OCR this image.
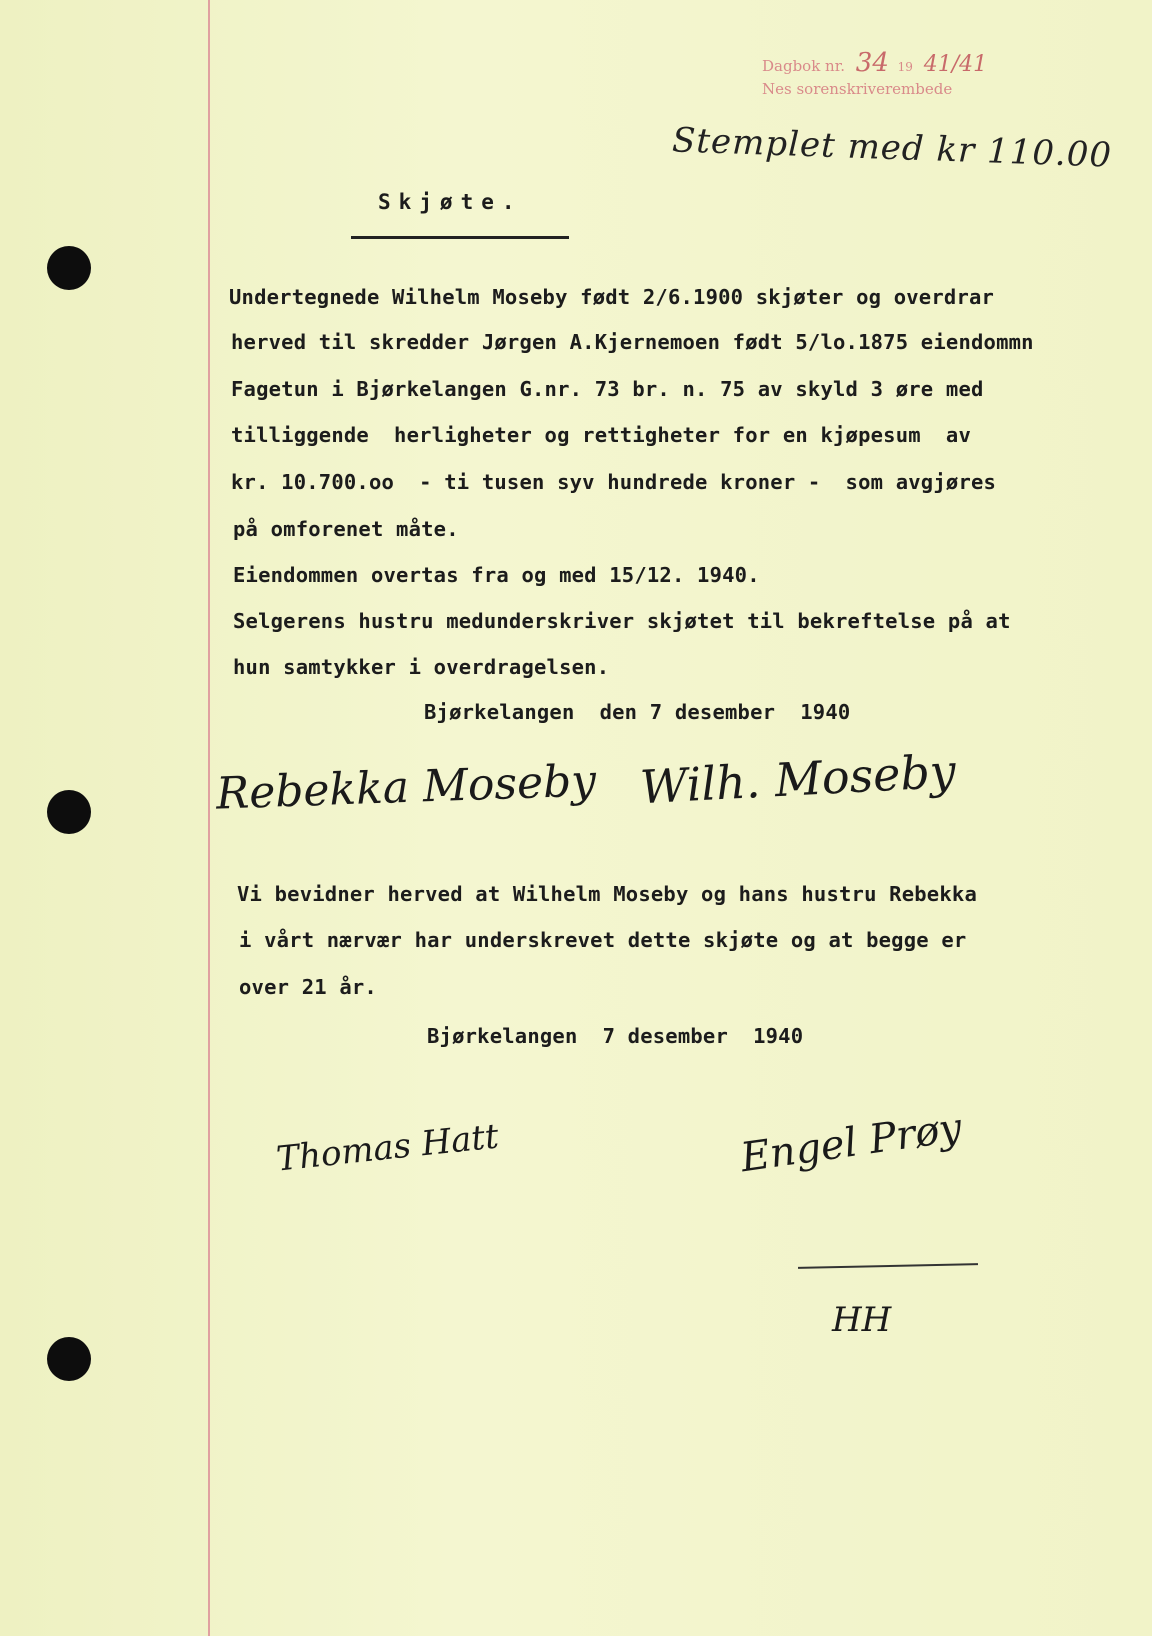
Dagbok nr. 34 19 41/41
Nes sorenskriverembede
Stemplet med kr 110.00
Skjøte.
Undertegnede Wilhelm Moseby født 2/6.1900 skjøter og overdrar
herved til skredder Jørgen A.Kjernemoen født 5/lo.1875 eiendommn
Fagetun i Bjørkelangen G.nr. 73 br. n. 75 av skyld 3 øre med
tilliggende  herligheter og rettigheter for en kjøpesum  av
kr. 10.700.oo  - ti tusen syv hundrede kroner -  som avgjøres
på omforenet måte.
Eiendommen overtas fra og med 15/12. 1940.
Selgerens hustru medunderskriver skjøtet til bekreftelse på at
hun samtykker i overdragelsen.
Bjørkelangen  den 7 desember  1940
Rebekka Moseby Wilh. Moseby
Vi bevidner herved at Wilhelm Moseby og hans hustru Rebekka
i vårt nærvær har underskrevet dette skjøte og at begge er
over 21 år.
Bjørkelangen  7 desember  1940
Thomas Hatt	Engel Prøy
HH
